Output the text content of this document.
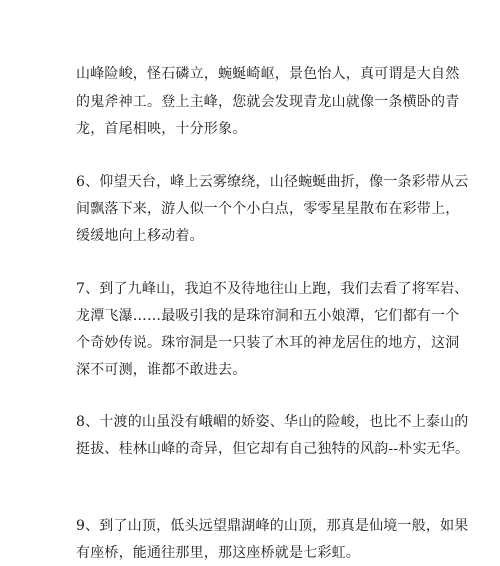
山峰险峻，怪石磷立，蜿蜒崎岖，景色怡人，真可谓是大自然
的鬼斧神工。登上主峰，您就会发现青龙山就像一条横卧的青
龙，首尾相映，十分形象。
6、仰望天台，峰上云雾缭绕，山径蜿蜒曲折，像一条彩带从云
间飘落下来，游人似一个个小白点，零零星星散布在彩带上，
缓缓地向上移动着。
7、到了九峰山，我迫不及待地往山上跑，我们去看了将军岩、
龙潭飞瀑……最吸引我的是珠帘洞和五小娘潭，它们都有一个
个奇妙传说。珠帘洞是一只装了木耳的神龙居住的地方，这洞
深不可测，谁都不敢进去。
8、十渡的山虽没有峨嵋的娇姿、华山的险峻，也比不上泰山的
挺拔、桂林山峰的奇异，但它却有自己独特的风韵--朴实无华。
9、到了山顶，低头远望鼎湖峰的山顶，那真是仙境一般，如果
有座桥，能通往那里，那这座桥就是七彩虹。
